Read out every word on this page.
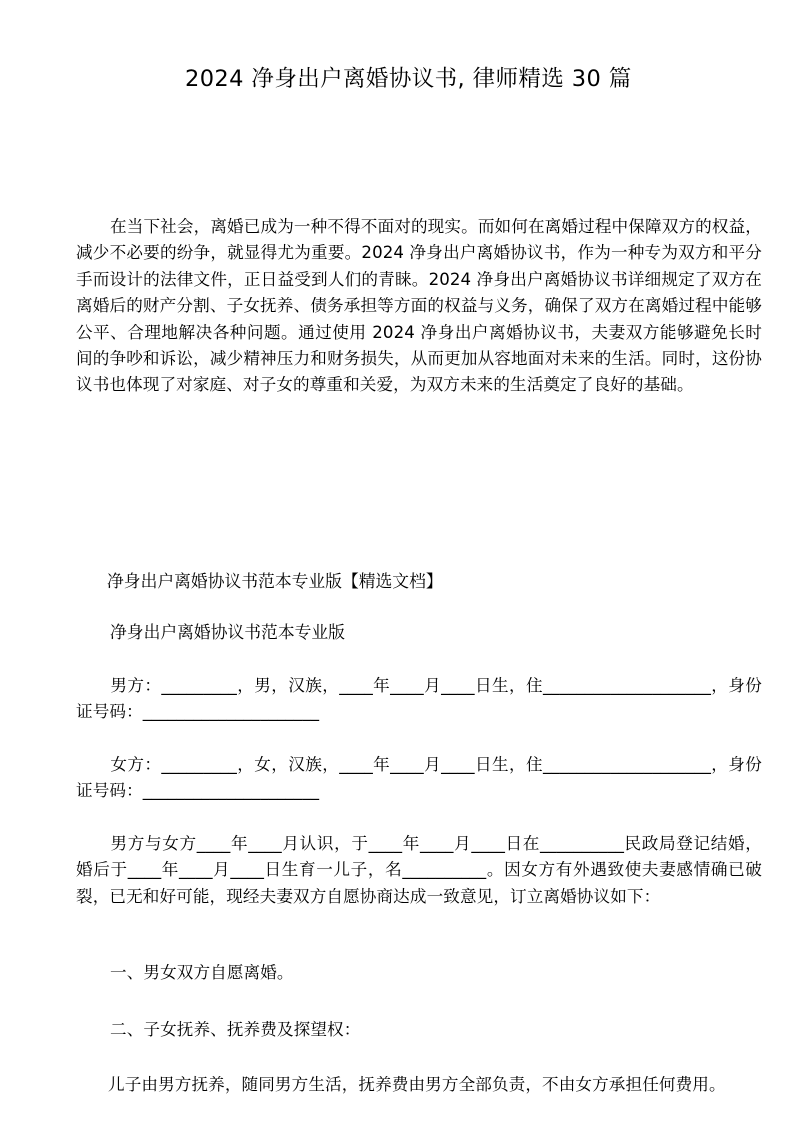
2024 净身出户离婚协议书, 律师精选 30 篇
在当下社会，离婚已成为一种不得不面对的现实。而如何在离婚过程中保障双方的权益，减少不必要的纷争，就显得尤为重要。2024 净身出户离婚协议书，作为一种专为双方和平分手而设计的法律文件，正日益受到人们的青睐。2024 净身出户离婚协议书详细规定了双方在离婚后的财产分割、子女抚养、债务承担等方面的权益与义务，确保了双方在离婚过程中能够公平、合理地解决各种问题。通过使用 2024 净身出户离婚协议书，夫妻双方能够避免长时间的争吵和诉讼，减少精神压力和财务损失，从而更加从容地面对未来的生活。同时，这份协议书也体现了对家庭、对子女的尊重和关爱，为双方未来的生活奠定了良好的基础。
净身出户离婚协议书范本专业版【精选文档】
净身出户离婚协议书范本专业版
男方：_________，男，汉族，____年____月____日生，住____________________，身份证号码：_____________________
女方：_________，女，汉族，____年____月____日生，住____________________，身份证号码：_____________________
男方与女方____年____月认识，于____年____月____日在__________民政局登记结婚，婚后于____年____月____日生育一儿子，名__________。因女方有外遇致使夫妻感情确已破裂，已无和好可能，现经夫妻双方自愿协商达成一致意见，订立离婚协议如下：
一、男女双方自愿离婚。
二、子女抚养、抚养费及探望权：
儿子由男方抚养，随同男方生活，抚养费由男方全部负责，不由女方承担任何费用。
